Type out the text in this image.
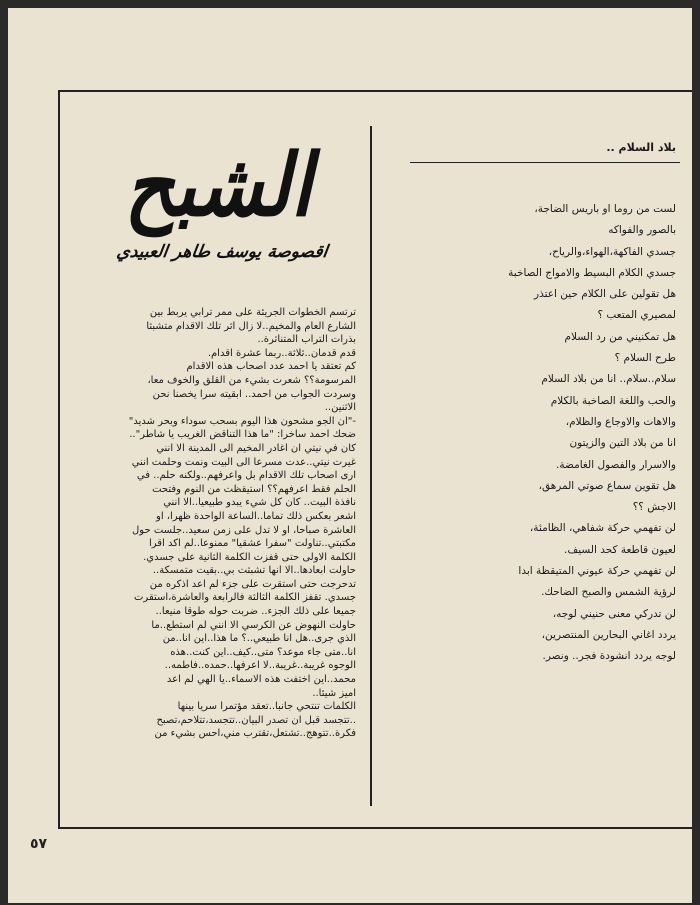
الشبح
اقصوصة يوسف طاهر العبيدي
ترتسم الخطوات الجريئة على ممر ترابي يربط بين
الشارع العام والمخيم..لا زال اثر تلك الاقدام متشبثا
بذرات التراب المتناثرة..
قدم قدمان..ثلاثة..ربما عشرة اقدام.
كم تعتقد يا احمد عدد اصحاب هذه الاقدام
المرسومة؟؟ شعرت بشيء من القلق والخوف معا،
وسردت الجواب من احمد.. ابقيته سرا يخصنا نحن
الاثنين..
-"ان الجو مشحون هذا اليوم بسحب سوداء وبحر شديد"
ضحك احمد ساخرا: "ما هذا التناقض الغريب يا شاطر"..
كان في نيتي ان اغادر المخيم الى المدينة الا انني
غيرت نيتي..عدت مسرعا الى البيت ونمت وحلمت انني
ارى اصحاب تلك الاقدام بل واعرفهم..ولكنه حلم.. في
الحلم فقط اعرفهم؟؟ استيقظت من النوم وفتحت
نافذة البيت.. كان كل شيء يبدو طبيعيا..الا انني
اشعر بعكس ذلك تماما..الساعة الواحدة ظهرا، او
العاشرة صباحا، او لا تدل على زمن سعيد..جلست حول
مكتبتي..تناولت "سفرا عشقيا" ممنوعا..لم اكد اقرا
الكلمة الاولى حتى قفزت الكلمة الثانية على جسدي.
حاولت ابعادها..الا انها تشبثت بي..بقيت متمسكة..
تدحرجت حتى استقرت على جزء لم اعد اذكره من
جسدي. تقفز الكلمة الثالثة فالرابعة والعاشرة،استقرت
جميعا على ذلك الجزء.. ضربت حوله طوقا منيعا..
حاولت النهوض عن الكرسي الا انني لم استطع..ما
الذي جرى..هل انا طبيعي..؟ ما هذا..اين انا..من
انا..متى جاء موعد؟ متى..كيف..اين كنت..هذه
الوجوه غريبة..غريبة..لا اعرفها..حمده..فاطمه..
محمد..اين اختفت هذه الاسماء..يا الهي لم اعد
اميز شيئا..
الكلمات تنتحي جانبا..تعقد مؤتمرا سريا بينها
..تتجسد قبل ان تصدر البيان..تتجسد،تتلاحم،تصبح
فكرة..تتوهج..تشتعل،تقترب مني،احس بشيء من
بلاد السلام ..
لست من روما او باريس الضاجة،
بالصور والفواكه
جسدي الفاكهة،الهواء،والرياح،
جسدي الكلام البسيط والامواج الصاخبة
هل تقولين على الكلام حين اعتذر
لمصيري المتعب ؟
هل تمكنيني من رد السلام
طرح السلام ؟
سلام..سلام.. انا من بلاد السلام
والحب واللغة الصاخبة بالكلام
والاهات والاوجاع والظلام،
انا من بلاد التين والزيتون
والاسرار والفصول الغامضة.
هل تقوين سماع صوتي المرهق،
الاجش ؟؟
لن تفهمي حركة شفاهي، الظامئة،
لعيون قاطعة كحد السيف.
لن تفهمي حركة عيوني المتيقظة ابدا
لرؤية الشمس والصبح الضاحك.
لن تدركي معنى حنيني لوجه،
يردد اغاني البحارين المنتصرين،
لوجه يردد انشودة فجر.. ونصر.
٥٧
